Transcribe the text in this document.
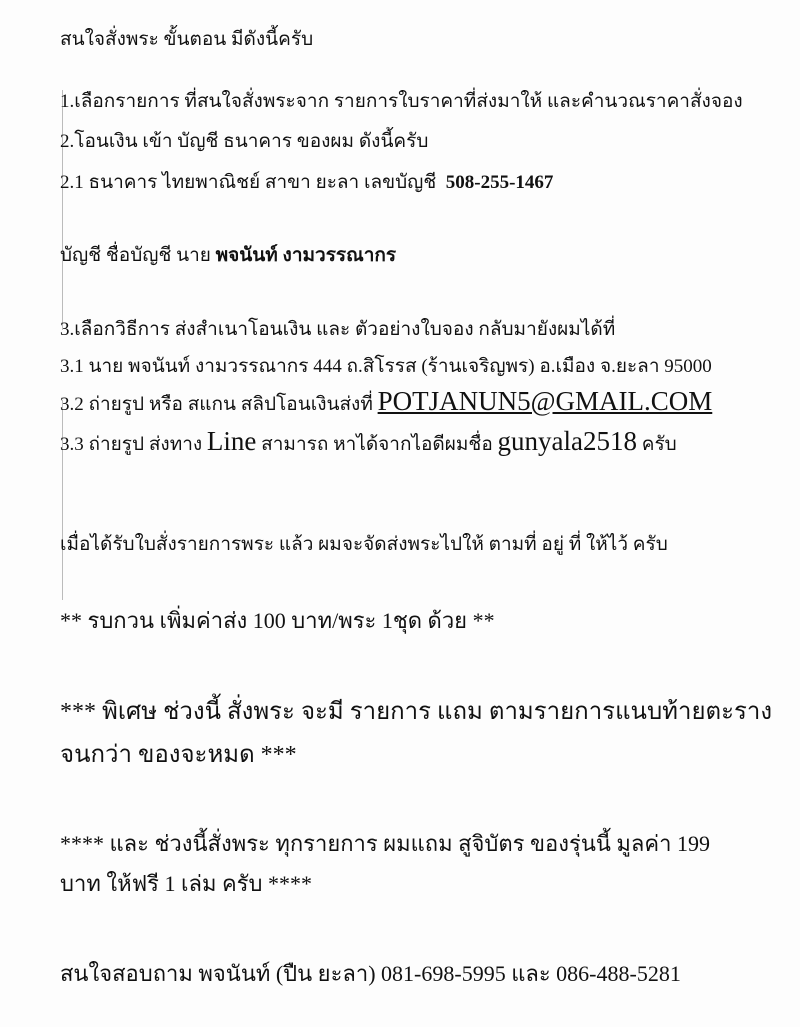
สนใจสั่งพระ ขั้นตอน มีดังนี้ครับ
1.เลือกรายการ ที่สนใจสั่งพระจาก รายการใบราคาที่ส่งมาให้ และคำนวณราคาสั่งจอง
2.โอนเงิน เข้า บัญชี ธนาคาร ของผม ดังนี้ครับ
2.1 ธนาคาร ไทยพาณิชย์ สาขา ยะลา เลขบัญชี 508-255-1467
บัญชี ชื่อบัญชี นาย พจนันท์ งามวรรณากร
3.เลือกวิธีการ ส่งสำเนาโอนเงิน และ ตัวอย่างใบจอง กลับมายังผมได้ที่
3.1 นาย พจนันท์ งามวรรณากร 444 ถ.สิโรรส (ร้านเจริญพร) อ.เมือง จ.ยะลา 95000
3.2 ถ่ายรูป หรือ สแกน สลิปโอนเงินส่งที่ POTJANUN5@GMAIL.COM
3.3 ถ่ายรูป ส่งทาง Line สามารถ หาได้จากไอดีผมชื่อ gunyala2518 ครับ
เมื่อได้รับใบสั่งรายการพระ แล้ว ผมจะจัดส่งพระไปให้ ตามที่ อยู่ ที่ ให้ไว้ ครับ
** รบกวน เพิ่มค่าส่ง 100 บาท/พระ 1ชุด ด้วย **
*** พิเศษ ช่วงนี้ สั่งพระ จะมี รายการ แถม ตามรายการแนบท้ายตะราง
จนกว่า ของจะหมด ***
**** และ ช่วงนี้สั่งพระ ทุกรายการ ผมแถม สูจิบัตร ของรุ่นนี้ มูลค่า 199
บาท ให้ฟรี 1 เล่ม ครับ ****
สนใจสอบถาม พจนันท์ (ปืน ยะลา) 081-698-5995 และ 086-488-5281
